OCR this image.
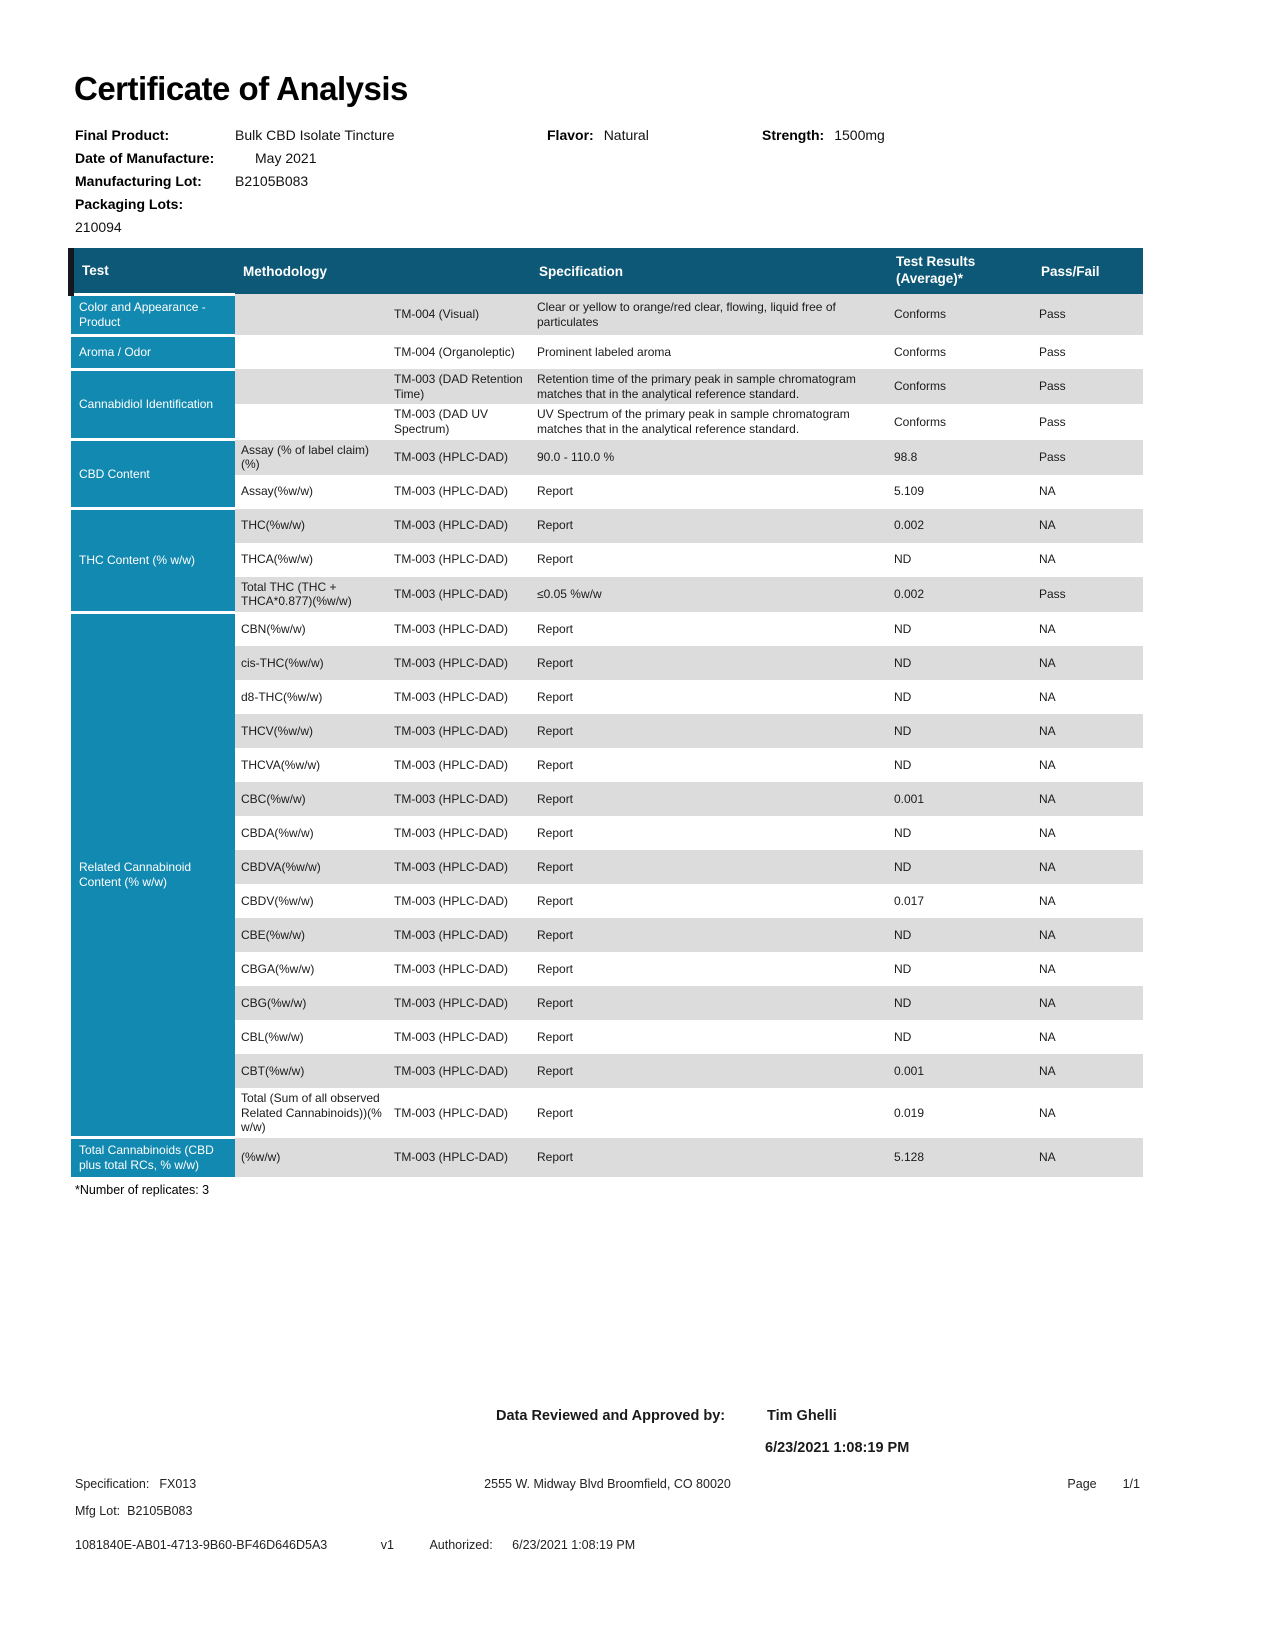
Certificate of Analysis
Final Product:	Bulk CBD Isolate Tincture	Flavor: Natural	Strength: 1500mg
Date of Manufacture:	May 2021
Manufacturing Lot: B2105B083
Packaging Lots:
210094
Test	Methodology		Specification	Test Results (Average)*	Pass/Fail
Color and Appearance - Product		TM-004 (Visual)	Clear or yellow to orange/red clear, flowing, liquid free of particulates	Conforms	Pass
Aroma / Odor		TM-004 (Organoleptic)	Prominent labeled aroma	Conforms	Pass
Cannabidiol Identification		TM-003 (DAD Retention Time)	Retention time of the primary peak in sample chromatogram matches that in the analytical reference standard.	Conforms	Pass
		TM-003 (DAD UV Spectrum)	UV Spectrum of the primary peak in sample chromatogram matches that in the analytical reference standard.	Conforms	Pass
CBD Content	Assay (% of label claim)(%)	TM-003 (HPLC-DAD)	90.0 - 110.0 %	98.8	Pass
	Assay(%w/w)	TM-003 (HPLC-DAD)	Report	5.109	NA
THC Content (% w/w)	THC(%w/w)	TM-003 (HPLC-DAD)	Report	0.002	NA
	THCA(%w/w)	TM-003 (HPLC-DAD)	Report	ND	NA
	Total THC (THC + THCA*0.877)(%w/w)	TM-003 (HPLC-DAD)	≤0.05 %w/w	0.002	Pass
Related Cannabinoid Content (% w/w)	CBN(%w/w)	TM-003 (HPLC-DAD)	Report	ND	NA
	cis-THC(%w/w)	TM-003 (HPLC-DAD)	Report	ND	NA
	d8-THC(%w/w)	TM-003 (HPLC-DAD)	Report	ND	NA
	THCV(%w/w)	TM-003 (HPLC-DAD)	Report	ND	NA
	THCVA(%w/w)	TM-003 (HPLC-DAD)	Report	ND	NA
	CBC(%w/w)	TM-003 (HPLC-DAD)	Report	0.001	NA
	CBDA(%w/w)	TM-003 (HPLC-DAD)	Report	ND	NA
	CBDVA(%w/w)	TM-003 (HPLC-DAD)	Report	ND	NA
	CBDV(%w/w)	TM-003 (HPLC-DAD)	Report	0.017	NA
	CBE(%w/w)	TM-003 (HPLC-DAD)	Report	ND	NA
	CBGA(%w/w)	TM-003 (HPLC-DAD)	Report	ND	NA
	CBG(%w/w)	TM-003 (HPLC-DAD)	Report	ND	NA
	CBL(%w/w)	TM-003 (HPLC-DAD)	Report	ND	NA
	CBT(%w/w)	TM-003 (HPLC-DAD)	Report	0.001	NA
	Total (Sum of all observed Related Cannabinoids))(% w/w)	TM-003 (HPLC-DAD)	Report	0.019	NA
Total Cannabinoids (CBD plus total RCs, % w/w)	(%w/w)	TM-003 (HPLC-DAD)	Report	5.128	NA
*Number of replicates: 3
Data Reviewed and Approved by:	Tim Ghelli
6/23/2021 1:08:19 PM
Specification: FX013	2555 W. Midway Blvd Broomfield, CO 80020	Page 1/1
Mfg Lot: B2105B083
1081840E-AB01-4713-9B60-BF46D646D5A3	v1	Authorized: 6/23/2021 1:08:19 PM
